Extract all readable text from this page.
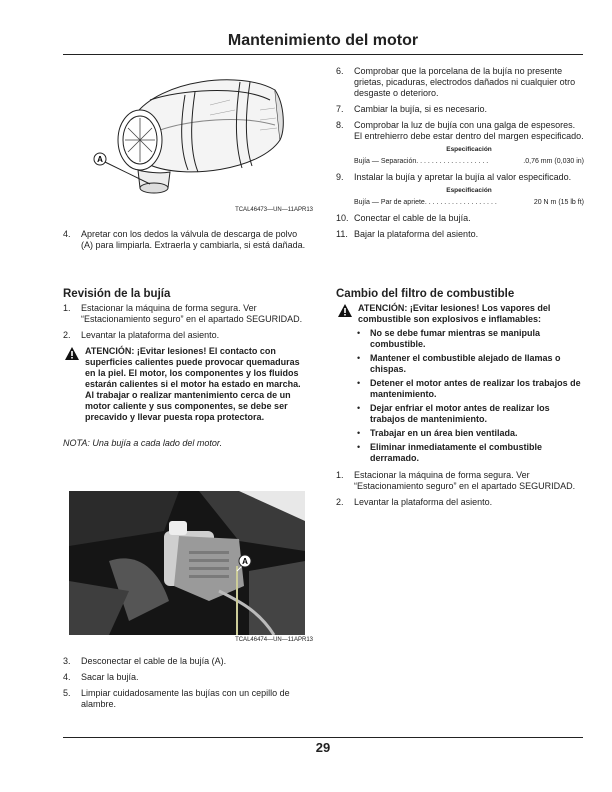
Mantenimiento del motor
A
TCAL46473—UN—11APR13
4. Apretar con los dedos la válvula de descarga de polvo (A) para limpiarla. Extraerla y cambiarla, si está dañada.
Revisión de la bujía
1. Estacionar la máquina de forma segura. Ver “Estacionamiento seguro” en el apartado SEGURIDAD.
2. Levantar la plataforma del asiento.
ATENCIÓN: ¡Evitar lesiones! El contacto con superficies calientes puede provocar quemaduras en la piel. El motor, los componentes y los fluidos estarán calientes si el motor ha estado en marcha. Al trabajar o realizar mantenimiento cerca de un motor caliente y sus componentes, se debe ser precavido y llevar puesta ropa protectora.
NOTA: Una bujía a cada lado del motor.
A
TCAL46474—UN—11APR13
3. Desconectar el cable de la bujía (A).
4. Sacar la bujía.
5. Limpiar cuidadosamente las bujías con un cepillo de alambre.
6. Comprobar que la porcelana de la bujía no presente grietas, picaduras, electrodos dañados ni cualquier otro desgaste o deterioro.
7. Cambiar la bujía, si es necesario.
8. Comprobar la luz de bujía con una galga de espesores. El entrehierro debe estar dentro del margen especificado.
Especificación
Bujía — Separación. . . . . . . . . . . . . . . . . . .	.0,76 mm (0,030 in)
9. Instalar la bujía y apretar la bujía al valor especificado.
Especificación
Bujía — Par de apriete. . . . . . . . . . . . . . . . . . .	20 N m (15 lb ft)
10. Conectar el cable de la bujía.
11. Bajar la plataforma del asiento.
Cambio del filtro de combustible
ATENCIÓN: ¡Evitar lesiones! Los vapores del combustible son explosivos e inflamables:
• No se debe fumar mientras se manipula combustible.
• Mantener el combustible alejado de llamas o chispas.
• Detener el motor antes de realizar los trabajos de mantenimiento.
• Dejar enfriar el motor antes de realizar los trabajos de mantenimiento.
• Trabajar en un área bien ventilada.
• Eliminar inmediatamente el combustible derramado.
1. Estacionar la máquina de forma segura. Ver “Estacionamiento seguro” en el apartado SEGURIDAD.
2. Levantar la plataforma del asiento.
29
